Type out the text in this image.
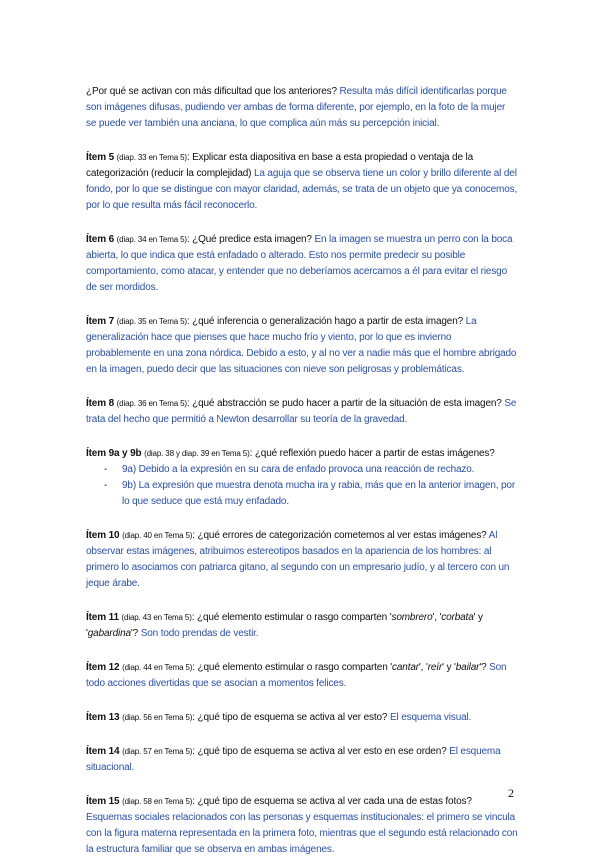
¿Por qué se activan con más dificultad que los anteriores? Resulta más difícil identificarlas porque son imágenes difusas, pudiendo ver ambas de forma diferente, por ejemplo, en la foto de la mujer se puede ver también una anciana, lo que complica aún más su percepción inicial.

Ítem 5 (diap. 33 en Tema 5): Explicar esta diapositiva en base a esta propiedad o ventaja de la categorización (reducir la complejidad) La aguja que se observa tiene un color y brillo diferente al del fondo, por lo que se distingue con mayor claridad, además, se trata de un objeto que ya conocemos, por lo que resulta más fácil reconocerlo.

Ítem 6 (diap. 34 en Tema 5): ¿Qué predice esta imagen? En la imagen se muestra un perro con la boca abierta, lo que indica que está enfadado o alterado. Esto nos permite predecir su posible comportamiento, como atacar, y entender que no deberíamos acercarnos a él para evitar el riesgo de ser mordidos.

Ítem 7 (diap. 35 en Tema 5): ¿qué inferencia o generalización hago a partir de esta imagen? La generalización hace que pienses que hace mucho frío y viento, por lo que es invierno probablemente en una zona nórdica. Debido a esto, y al no ver a nadie más que el hombre abrigado en la imagen, puedo decir que las situaciones con nieve son peligrosas y problemáticas.

Ítem 8 (diap. 36 en Tema 5): ¿qué abstracción se pudo hacer a partir de la situación de esta imagen? Se trata del hecho que permitió a Newton desarrollar su teoría de la gravedad.

Ítem 9a y 9b (diap. 38 y diap. 39 en Tema 5): ¿qué reflexión puedo hacer a partir de estas imágenes?

- 9a) Debido a la expresión en su cara de enfado provoca una reacción de rechazo.
- 9b) La expresión que muestra denota mucha ira y rabia, más que en la anterior imagen, por lo que seduce que está muy enfadado.

Ítem 10 (diap. 40 en Tema 5): ¿qué errores de categorización cometemos al ver estas imágenes? Al observar estas imágenes, atribuimos estereotipos basados en la apariencia de los hombres: al primero lo asociamos con patriarca gitano, al segundo con un empresario judío, y al tercero con un jeque árabe.

Ítem 11 (diap. 43 en Tema 5): ¿qué elemento estimular o rasgo comparten 'sombrero', 'corbata' y 'gabardina'? Son todo prendas de vestir.

Ítem 12 (diap. 44 en Tema 5): ¿qué elemento estimular o rasgo comparten 'cantar', 'reír' y 'bailar'? Son todo acciones divertidas que se asocian a momentos felices.

Ítem 13 (diap. 56 en Tema 5): ¿qué tipo de esquema se activa al ver esto? El esquema visual.

Ítem 14 (diap. 57 en Tema 5): ¿qué tipo de esquema se activa al ver esto en ese orden? El esquema situacional.

Ítem 15 (diap. 58 en Tema 5): ¿qué tipo de esquema se activa al ver cada una de estas fotos? Esquemas sociales relacionados con las personas y esquemas institucionales: el primero se vincula con la figura materna representada en la primera foto, mientras que el segundo está relacionado con la estructura familiar que se observa en ambas imágenes.

2
